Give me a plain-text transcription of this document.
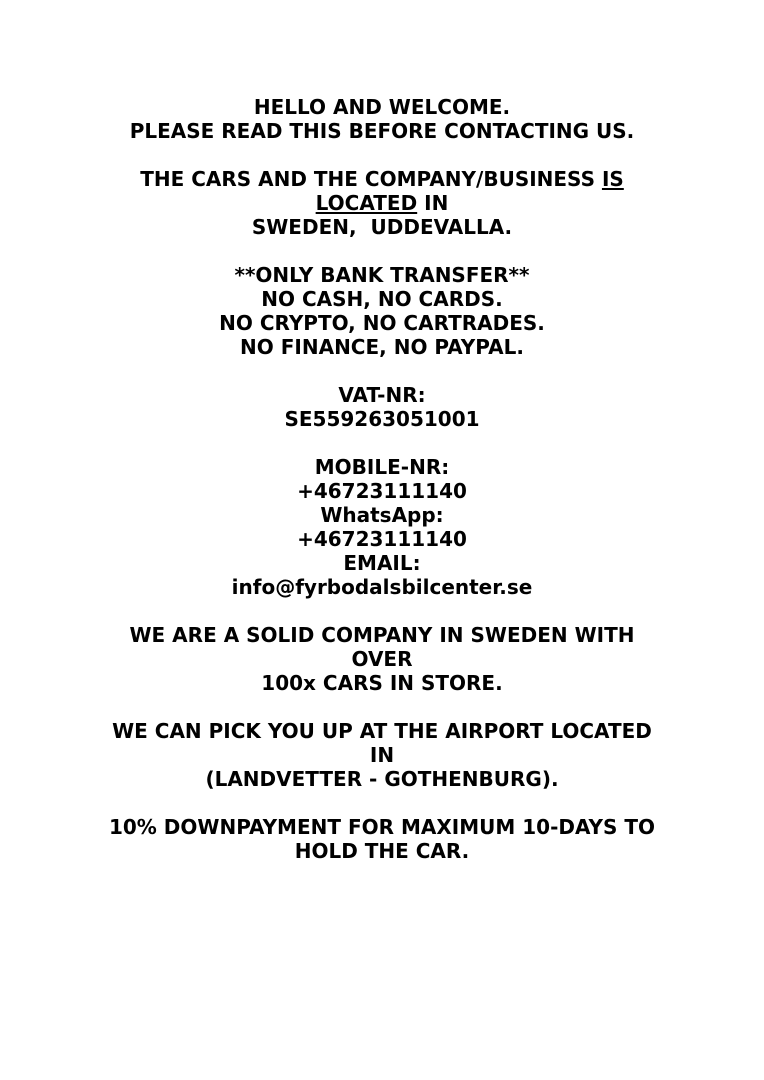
HELLO AND WELCOME.
PLEASE READ THIS BEFORE CONTACTING US.
THE CARS AND THE COMPANY/BUSINESS IS
LOCATED IN
SWEDEN,  UDDEVALLA.
**ONLY BANK TRANSFER**
NO CASH, NO CARDS.
NO CRYPTO, NO CARTRADES.
NO FINANCE, NO PAYPAL.
VAT-NR:
SE559263051001
MOBILE-NR:
+46723111140
WhatsApp:
+46723111140
EMAIL:
info@fyrbodalsbilcenter.se
WE ARE A SOLID COMPANY IN SWEDEN WITH
OVER
100x CARS IN STORE.
WE CAN PICK YOU UP AT THE AIRPORT LOCATED
IN
(LANDVETTER - GOTHENBURG).
10% DOWNPAYMENT FOR MAXIMUM 10-DAYS TO
HOLD THE CAR.
